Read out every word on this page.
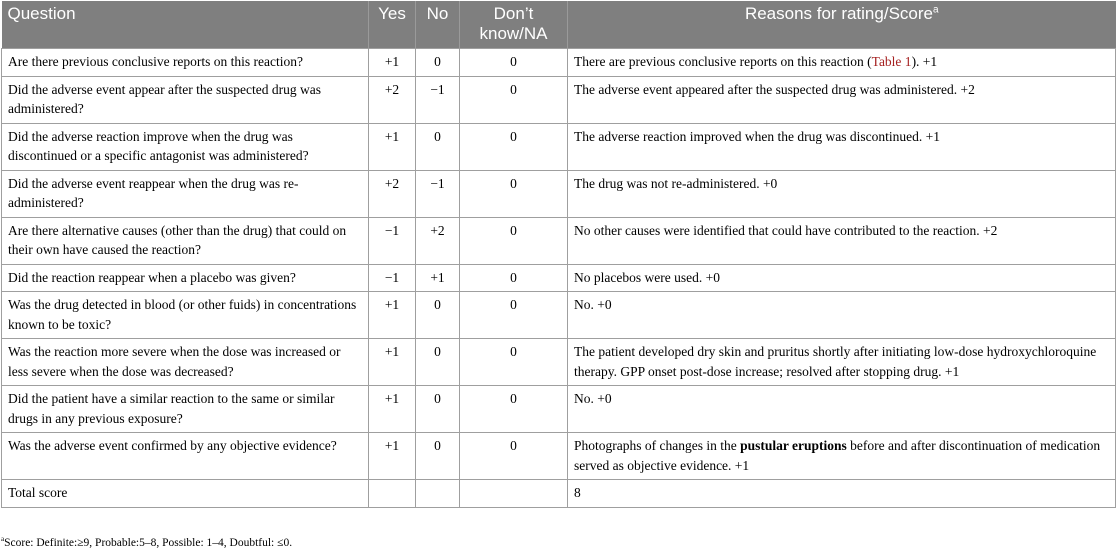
Question	Yes	No	Don’t know/NA	Reasons for rating/Score$^a$
Are there previous conclusive reports on this reaction?	+1	0	0	There are previous conclusive reports on this reaction (Table 1). +1
Did the adverse event appear after the suspected drug was administered?	+2	−1	0	The adverse event appeared after the suspected drug was administered. +2
Did the adverse reaction improve when the drug was discontinued or a specific antagonist was administered?	+1	0	0	The adverse reaction improved when the drug was discontinued. +1
Did the adverse event reappear when the drug was re-administered?	+2	−1	0	The drug was not re-administered. +0
Are there alternative causes (other than the drug) that could on their own have caused the reaction?	−1	+2	0	No other causes were identified that could have contributed to the reaction. +2
Did the reaction reappear when a placebo was given?	−1	+1	0	No placebos were used. +0
Was the drug detected in blood (or other fuids) in concentrations known to be toxic?	+1	0	0	No. +0
Was the reaction more severe when the dose was increased or less severe when the dose was decreased?	+1	0	0	The patient developed dry skin and pruritus shortly after initiating low-dose hydroxychloroquine therapy. GPP onset post-dose increase; resolved after stopping drug. +1
Did the patient have a similar reaction to the same or similar drugs in any previous exposure?	+1	0	0	No. +0
Was the adverse event confirmed by any objective evidence?	+1	0	0	Photographs of changes in the pustular eruptions before and after discontinuation of medication served as objective evidence. +1
Total score				8
$^a$Score: Definite:≥9, Probable:5–8, Possible: 1–4, Doubtful: ≤0.
